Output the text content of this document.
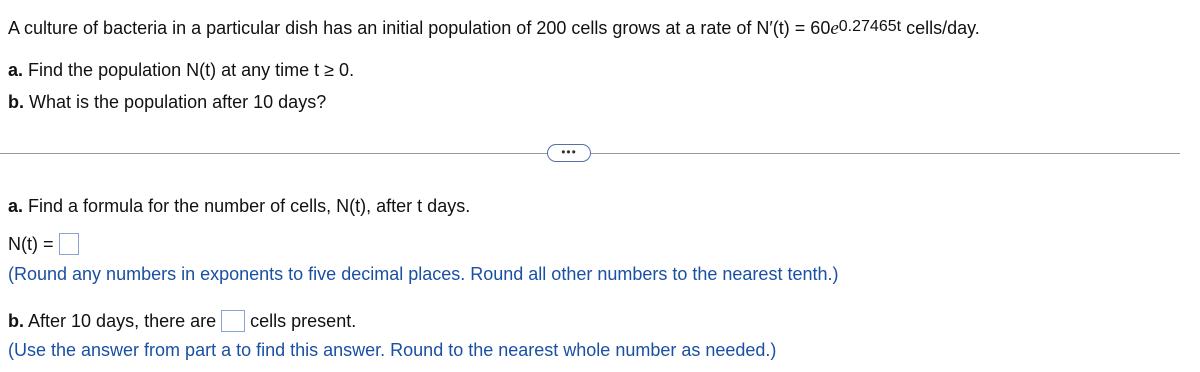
A culture of bacteria in a particular dish has an initial population of 200 cells grows at a rate of $N'(t) = 60e^{0.27465t}$ cells/day.
a. Find the population N(t) at any time t ≥ 0.
b. What is the population after 10 days?
•••
a. Find a formula for the number of cells, N(t), after t days.
N(t) =
(Round any numbers in exponents to five decimal places. Round all other numbers to the nearest tenth.)
b. After 10 days, there are cells present.
(Use the answer from part a to find this answer. Round to the nearest whole number as needed.)
